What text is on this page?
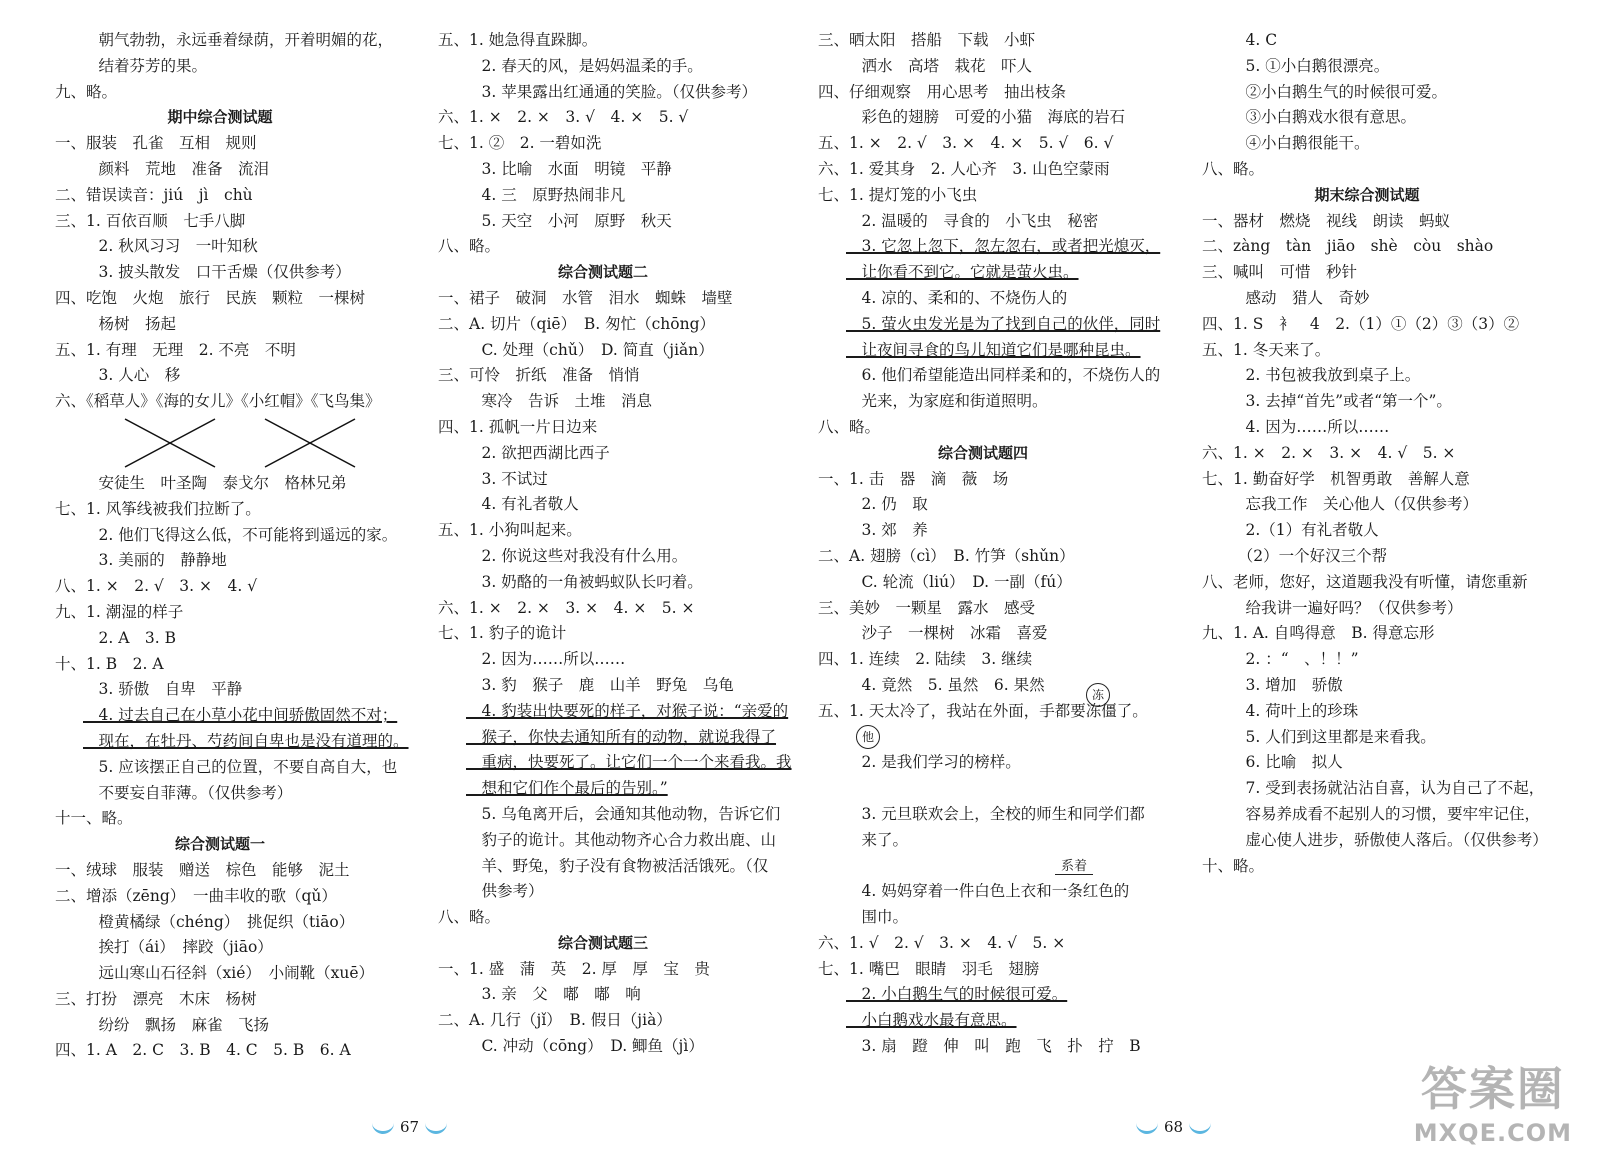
　朝气勃勃，永远垂着绿荫，开着明媚的花，
　结着芬芳的果。
九、略。
期中综合测试题
一、服装　孔雀　互相　规则
　颜料　荒地　准备　流泪
二、错误读音：jiú　jì　chù
三、1. 百依百顺　七手八脚
　2. 秋风习习　一叶知秋
　3. 披头散发　口干舌燥（仅供参考）
四、吃饱　火炮　旅行　民族　颗粒　一棵树
　杨树　扬起
五、1. 有理　无理　2. 不亮　不明
　3. 人心　移
六、《稻草人》《海的女儿》《小红帽》《飞鸟集》
　安徒生　叶圣陶　泰戈尔　格林兄弟
七、1. 风筝线被我们拉断了。
　2. 他们飞得这么低，不可能将到遥远的家。
　3. 美丽的　静静地
八、1. ×　2. √　3. ×　4. √
九、1. 潮湿的样子
　2. A　3. B
十、1. B　2. A
　3. 骄傲　自卑　平静
　4. 过去自己在小草小花中间骄傲固然不对；
　现在，在牡丹、芍药间自卑也是没有道理的。
　5. 应该摆正自己的位置，不要自高自大，也
　不要妄自菲薄。（仅供参考）
十一、略。
综合测试题一
一、绒球　服装　赠送　棕色　能够　泥土
二、增添（zēng）　一曲丰收的歌（qǔ）
　橙黄橘绿（chéng）　挑促织（tiāo）
　挨打（ái）　摔跤（jiāo）
　远山寒山石径斜（xié）　小闹靴（xuē）
三、打扮　漂亮　木床　杨树
　纷纷　飘扬　麻雀　飞扬
四、1. A　2. C　3. B　4. C　5. B　6. A
五、1. 她急得直跺脚。
　2. 春天的风，是妈妈温柔的手。
　3. 苹果露出红通通的笑脸。（仅供参考）
六、1. ×　2. ×　3. √　4. ×　5. √
七、1. ②　2. 一碧如洗
　3. 比喻　水面　明镜　平静
　4. 三　原野热闹非凡
　5. 天空　小河　原野　秋天
八、略。
综合测试题二
一、裙子　破洞　水管　泪水　蜘蛛　墙壁
二、A. 切片（qiē）　B. 匆忙（chōng）
　C. 处理（chǔ）　D. 简直（jiǎn）
三、可怜　折纸　准备　悄悄
　寒冷　告诉　土堆　消息
四、1. 孤帆一片日边来
　2. 欲把西湖比西子
　3. 不试过
　4. 有礼者敬人
五、1. 小狗叫起来。
　2. 你说这些对我没有什么用。
　3. 奶酪的一角被蚂蚁队长叼着。
六、1. ×　2. ×　3. ×　4. ×　5. ×
七、1. 豹子的诡计
　2. 因为……所以……
　3. 豹　猴子　鹿　山羊　野兔　乌龟
　4. 豹装出快要死的样子，对猴子说：“亲爱的
　猴子，你快去通知所有的动物，就说我得了
　重病，快要死了。让它们一个一个来看我。我
　想和它们作个最后的告别。”
　5. 乌龟离开后，会通知其他动物，告诉它们
　豹子的诡计。其他动物齐心合力救出鹿、山
　羊、野兔，豹子没有食物被活活饿死。（仅
　供参考）
八、略。
综合测试题三
一、1. 盛　蒲　英　2. 厚　厚　宝　贵
　3. 亲　父　嘟　嘟　响
二、A. 几行（jǐ）　B. 假日（jià）
　C. 冲动（cōng）　D. 鲫鱼（jì）
67
三、晒太阳　搭船　下载　小虾
　洒水　高塔　栽花　吓人
四、仔细观察　用心思考　抽出枝条
　彩色的翅膀　可爱的小猫　海底的岩石
五、1. ×　2. √　3. ×　4. ×　5. √　6. √
六、1. 爱其身　2. 人心齐　3. 山色空蒙雨
七、1. 提灯笼的小飞虫
　2. 温暖的　寻食的　小飞虫　秘密
　3. 它忽上忽下，忽左忽右，或者把光熄灭，
　让你看不到它。它就是萤火虫。
　4. 凉的、柔和的、不烧伤人的
　5. 萤火虫发光是为了找到自己的伙伴，同时
　让夜间寻食的鸟儿知道它们是哪种昆虫。
　6. 他们希望能造出同样柔和的，不烧伤人的
　光来，为家庭和街道照明。
八、略。
综合测试题四
一、1. 击　器　滴　薇　场
　2. 仍　取
　3. 郊　养
二、A. 翅膀（cì）　B. 竹笋（shǔn）
　C. 轮流（liú）　D. 一副（fú）
三、美妙　一颗星　露水　感受
　沙子　一棵树　冰霜　喜爱
四、1. 连续　2. 陆续　3. 继续
　4. 竟然　5. 虽然　6. 果然
五、1. 天太冷了，我站在外面，手都要冻僵了。
　2. 是我们学习的榜样。
　3. 元旦联欢会上，全校的师生和同学们都
　来了。
　4. 妈妈穿着一件白色上衣和一条红色的
　围巾。
六、1. √　2. √　3. ×　4. √　5. ×
七、1. 嘴巴　眼睛　羽毛　翅膀
　2. 小白鹅生气的时候很可爱。
　小白鹅戏水最有意思。
　3. 扇　蹬　伸　叫　跑　飞　扑　拧　B
　4. C
　5. ①小白鹅很漂亮。
　②小白鹅生气的时候很可爱。
　③小白鹅戏水很有意思。
　④小白鹅很能干。
八、略。
期末综合测试题
一、器材　燃烧　视线　朗读　蚂蚁
二、zàng　tàn　jiāo　shè　còu　shào
三、喊叫　可惜　秒针
　感动　猎人　奇妙
四、1. S　衤　4　2.（1）①（2）③（3）②
五、1. 冬天来了。
　2. 书包被我放到桌子上。
　3. 去掉“首先”或者“第一个”。
　4. 因为……所以……
六、1. ×　2. ×　3. ×　4. √　5. ×
七、1. 勤奋好学　机智勇敢　善解人意
　忘我工作　关心他人（仅供参考）
　2.（1）有礼者敬人
　（2）一个好汉三个帮
八、老师，您好，这道题我没有听懂，请您重新
　给我讲一遍好吗？（仅供参考）
九、1. A. 自鸣得意　B. 得意忘形
　2. ：“　、！！”
　3. 增加　骄傲
　4. 荷叶上的珍珠
　5. 人们到这里都是来看我。
　6. 比喻　拟人
　7. 受到表扬就沾沾自喜，认为自己了不起，
　容易养成看不起别人的习惯，要牢牢记住，
　虚心使人进步，骄傲使人落后。（仅供参考）
十、略。
68
冻
他
系着
答案圈
MXQE.COM
